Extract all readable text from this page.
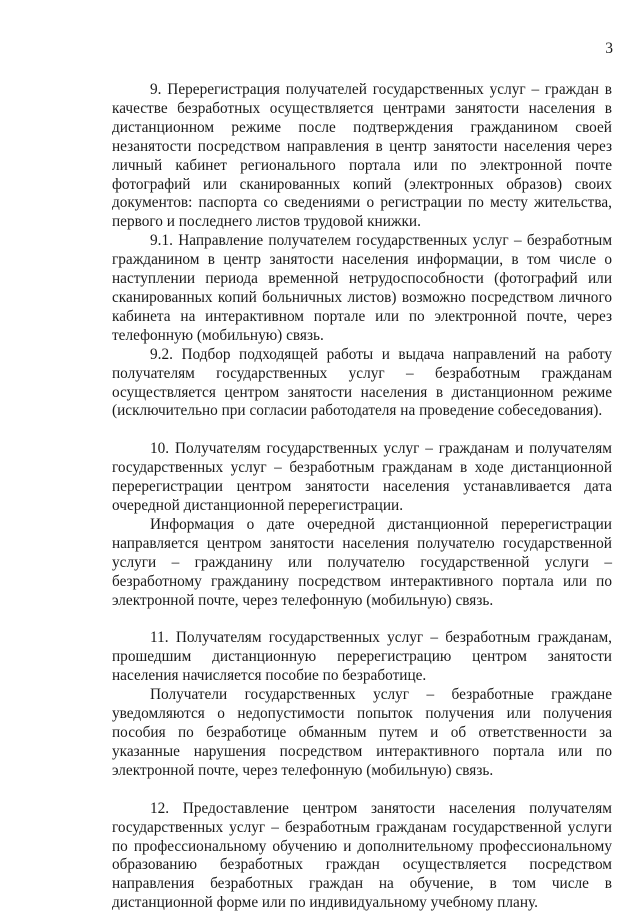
3

9. Перерегистрация получателей государственных услуг – граждан в качестве безработных осуществляется центрами занятости населения в дистанционном режиме после подтверждения гражданином своей незанятости посредством направления в центр занятости населения через личный кабинет регионального портала или по электронной почте фотографий или сканированных копий (электронных образов) своих документов: паспорта со сведениями о регистрации по месту жительства, первого и последнего листов трудовой книжки.

9.1. Направление получателем государственных услуг – безработным гражданином в центр занятости населения информации, в том числе о наступлении периода временной нетрудоспособности (фотографий или сканированных копий больничных листов) возможно посредством личного кабинета на интерактивном портале или по электронной почте, через телефонную (мобильную) связь.

9.2. Подбор подходящей работы и выдача направлений на работу получателям государственных услуг – безработным гражданам осуществляется центром занятости населения в дистанционном режиме (исключительно при согласии работодателя на проведение собеседования).

10. Получателям государственных услуг – гражданам и получателям государственных услуг – безработным гражданам в ходе дистанционной перерегистрации центром занятости населения устанавливается дата очередной дистанционной перерегистрации.

Информация о дате очередной дистанционной перерегистрации направляется центром занятости населения получателю государственной услуги – гражданину или получателю государственной услуги – безработному гражданину посредством интерактивного портала или по электронной почте, через телефонную (мобильную) связь.

11. Получателям государственных услуг – безработным гражданам, прошедшим дистанционную перерегистрацию центром занятости населения начисляется пособие по безработице.

Получатели государственных услуг – безработные граждане уведомляются о недопустимости попыток получения или получения пособия по безработице обманным путем и об ответственности за указанные нарушения посредством интерактивного портала или по электронной почте, через телефонную (мобильную) связь.

12. Предоставление центром занятости населения получателям государственных услуг – безработным гражданам государственной услуги по профессиональному обучению и дополнительному профессиональному образованию безработных граждан осуществляется посредством направления безработных граждан на обучение, в том числе в дистанционной форме или по индивидуальному учебному плану.
